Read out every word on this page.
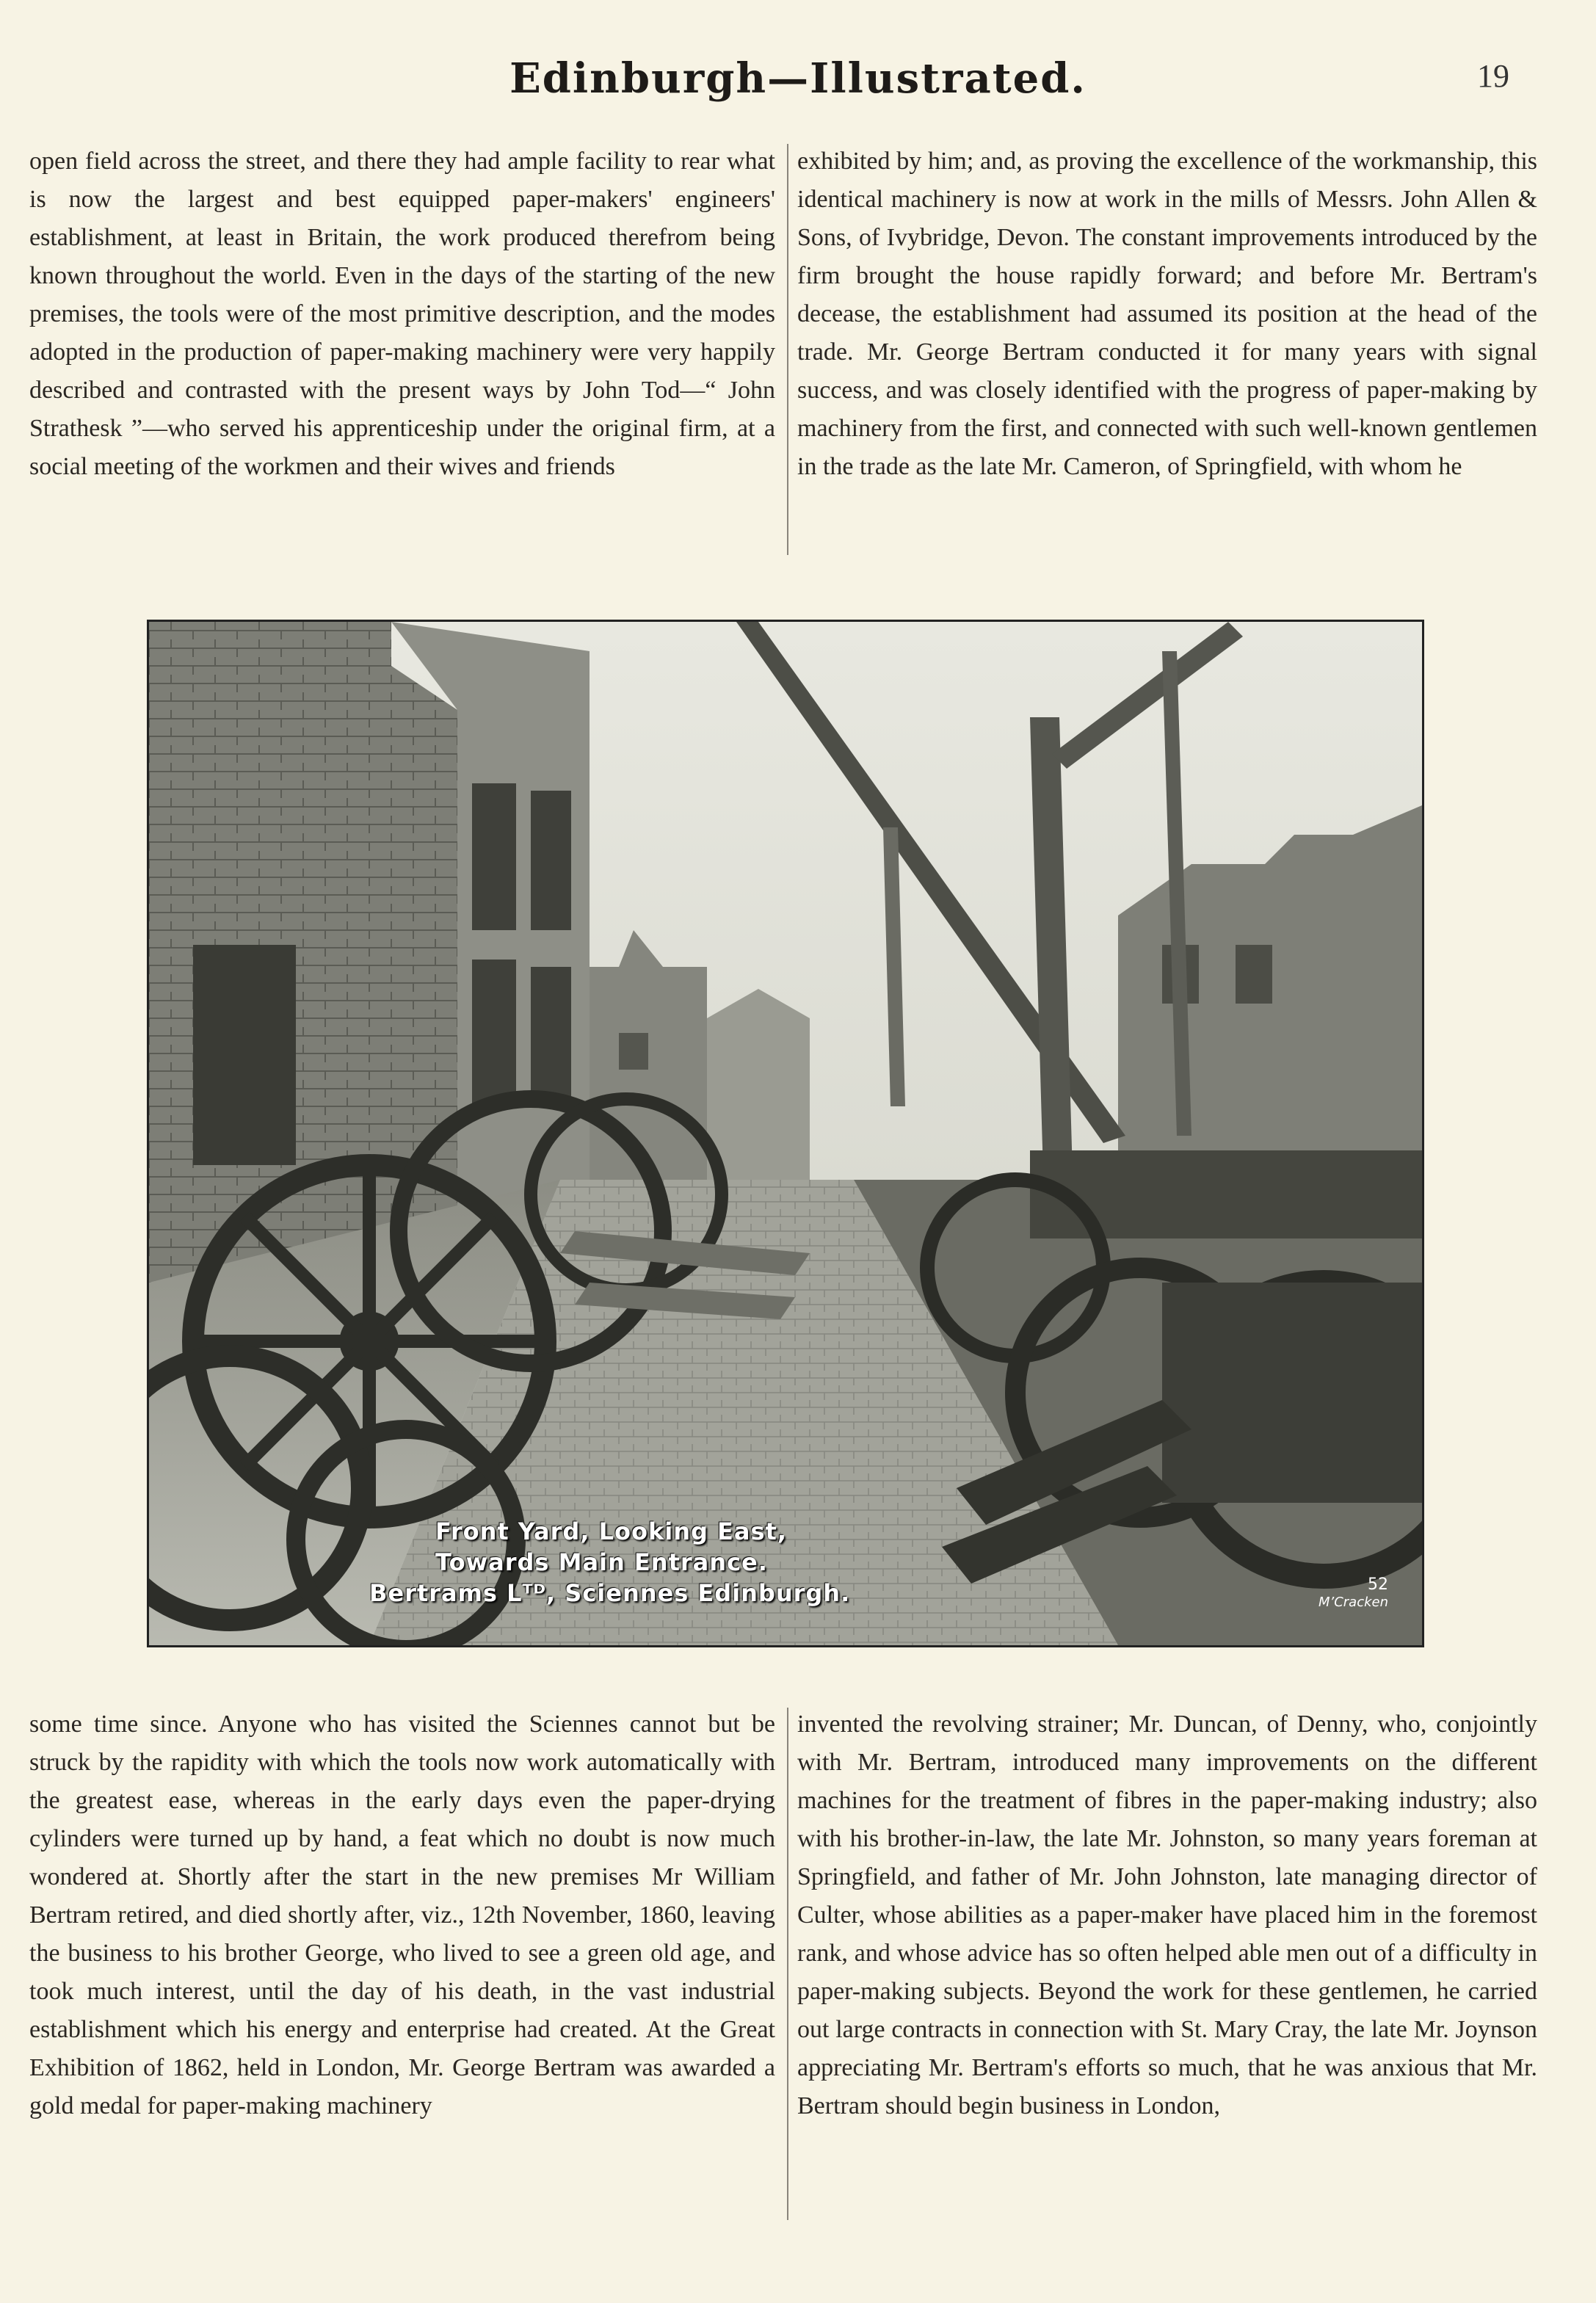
Edinburgh—Illustrated.	19

open field across the street, and there they had ample facility to rear what is now the largest and best equipped paper-makers' engineers' establishment, at least in Britain, the work produced therefrom being known throughout the world. Even in the days of the starting of the new premises, the tools were of the most primitive description, and the modes adopted in the production of paper-making machinery were very happily described and contrasted with the present ways by John Tod—“ John Strathesk ”—who served his apprenticeship under the original firm, at a social meeting of the workmen and their wives and friends

exhibited by him; and, as proving the excellence of the workmanship, this identical machinery is now at work in the mills of Messrs. John Allen & Sons, of Ivybridge, Devon. The constant improvements introduced by the firm brought the house rapidly forward; and before Mr. Bertram's decease, the establishment had assumed its position at the head of the trade. Mr. George Bertram conducted it for many years with signal success, and was closely identified with the progress of paper-making by machinery from the first, and connected with such well-known gentlemen in the trade as the late Mr. Cameron, of Springfield, with whom he

Front Yard, Looking East,
Towards Main Entrance.
Bertrams Lᵀᴰ, Sciennes Edinburgh.	52
M’Cracken

some time since. Anyone who has visited the Sciennes cannot but be struck by the rapidity with which the tools now work automatically with the greatest ease, whereas in the early days even the paper-drying cylinders were turned up by hand, a feat which no doubt is now much wondered at. Shortly after the start in the new premises Mr William Bertram retired, and died shortly after, viz., 12th November, 1860, leaving the business to his brother George, who lived to see a green old age, and took much interest, until the day of his death, in the vast industrial establishment which his energy and enterprise had created. At the Great Exhibition of 1862, held in London, Mr. George Bertram was awarded a gold medal for paper-making machinery

invented the revolving strainer; Mr. Duncan, of Denny, who, conjointly with Mr. Bertram, introduced many improvements on the different machines for the treatment of fibres in the paper-making industry; also with his brother-in-law, the late Mr. Johnston, so many years foreman at Springfield, and father of Mr. John Johnston, late managing director of Culter, whose abilities as a paper-maker have placed him in the foremost rank, and whose advice has so often helped able men out of a difficulty in paper-making subjects. Beyond the work for these gentlemen, he carried out large contracts in connection with St. Mary Cray, the late Mr. Joynson appreciating Mr. Bertram's efforts so much, that he was anxious that Mr. Bertram should begin business in London,
